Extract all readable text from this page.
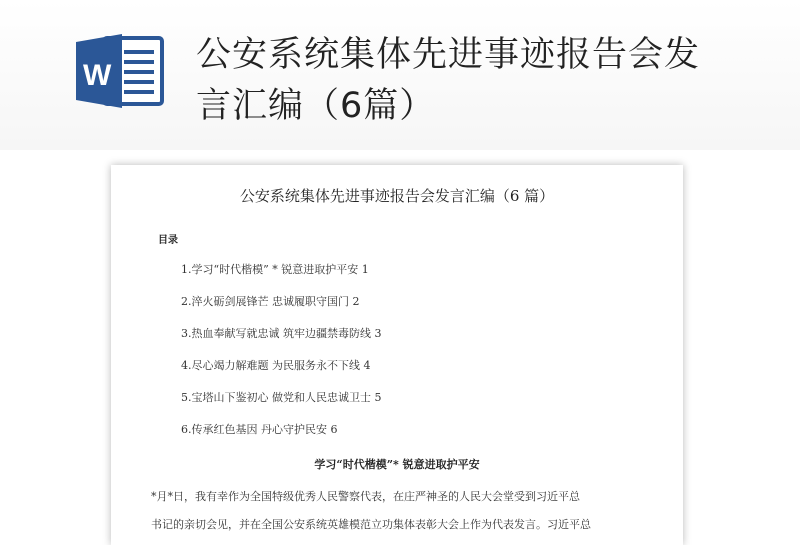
W
公安系统集体先进事迹报告会发
言汇编（6篇）
公安系统集体先进事迹报告会发言汇编（6 篇）
目录
1.学习“时代楷模” * 锐意进取护平安 1
2.淬火砺剑展锋芒 忠诚履职守国门 2
3.热血奉献写就忠诚 筑牢边疆禁毒防线 3
4.尽心竭力解难题 为民服务永不下线 4
5.宝塔山下鉴初心 做党和人民忠诚卫士 5
6.传承红色基因 丹心守护民安 6
学习“时代楷模”* 锐意进取护平安
*月*日，我有幸作为全国特级优秀人民警察代表，在庄严神圣的人民大会堂受到习近平总
书记的亲切会见，并在全国公安系统英雄模范立功集体表彰大会上作为代表发言。习近平总
